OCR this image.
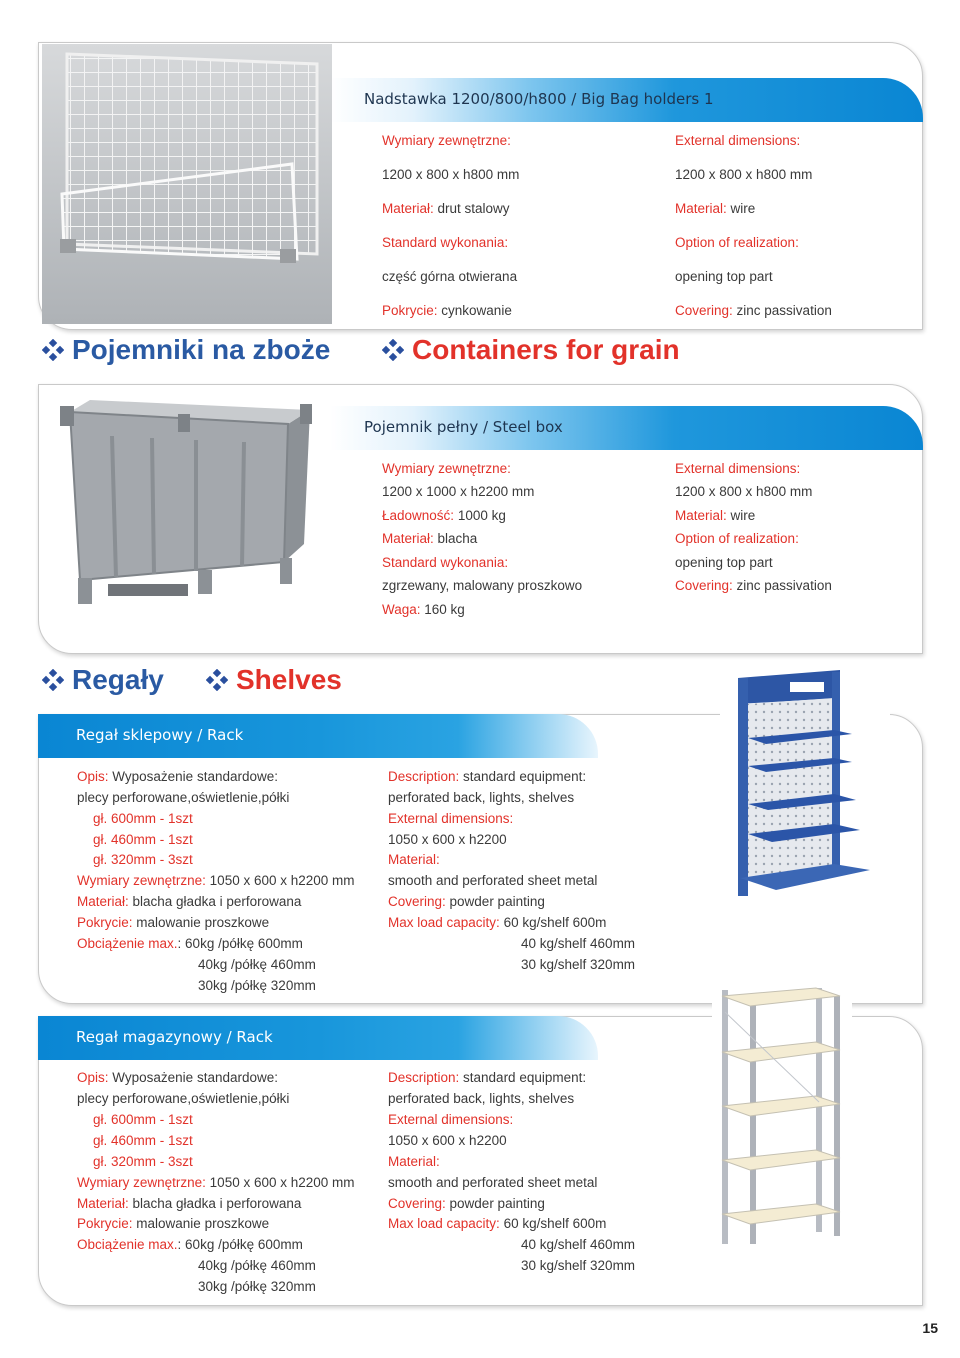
Nadstawka 1200/800/h800 / Big Bag holders 1
Wymiary zewnętrzne:
1200 x 800 x h800 mm
Materiał: drut stalowy
Standard wykonania:
część górna otwierana
Pokrycie: cynkowanie
External dimensions:
1200 x 800 x h800 mm
Material: wire
Option of realization:
opening top part
Covering: zinc passivation
Pojemniki na zboże	Containers for grain
Pojemnik pełny / Steel box
Wymiary zewnętrzne:
1200 x 1000 x h2200 mm
Ładowność: 1000 kg
Materiał: blacha
Standard wykonania:
zgrzewany, malowany proszkowo
Waga: 160 kg
External dimensions:
1200 x 800 x h800 mm
Material: wire
Option of realization:
opening top part
Covering: zinc passivation
Regały	Shelves
Regał sklepowy / Rack
Opis: Wyposażenie standardowe:
plecy perforowane,oświetlenie,półki
gł. 600mm - 1szt
gł. 460mm - 1szt
gł. 320mm - 3szt
Wymiary zewnętrzne: 1050 x 600 x h2200 mm
Materiał: blacha gładka i perforowana
Pokrycie: malowanie proszkowe
Obciążenie max.: 60kg /półkę 600mm
40kg /półkę 460mm
30kg /półkę 320mm
Description: standard equipment:
perforated back, lights, shelves
External dimensions:
1050 x 600 x h2200
Material:
smooth and perforated sheet metal
Covering: powder painting
Max load capacity: 60 kg/shelf 600m
40 kg/shelf 460mm
30 kg/shelf 320mm
Regał magazynowy / Rack
Opis: Wyposażenie standardowe:
plecy perforowane,oświetlenie,półki
gł. 600mm - 1szt
gł. 460mm - 1szt
gł. 320mm - 3szt
Wymiary zewnętrzne: 1050 x 600 x h2200 mm
Materiał: blacha gładka i perforowana
Pokrycie: malowanie proszkowe
Obciążenie max.: 60kg /półkę 600mm
40kg /półkę 460mm
30kg /półkę 320mm
Description: standard equipment:
perforated back, lights, shelves
External dimensions:
1050 x 600 x h2200
Material:
smooth and perforated sheet metal
Covering: powder painting
Max load capacity: 60 kg/shelf 600m
40 kg/shelf 460mm
30 kg/shelf 320mm
15
